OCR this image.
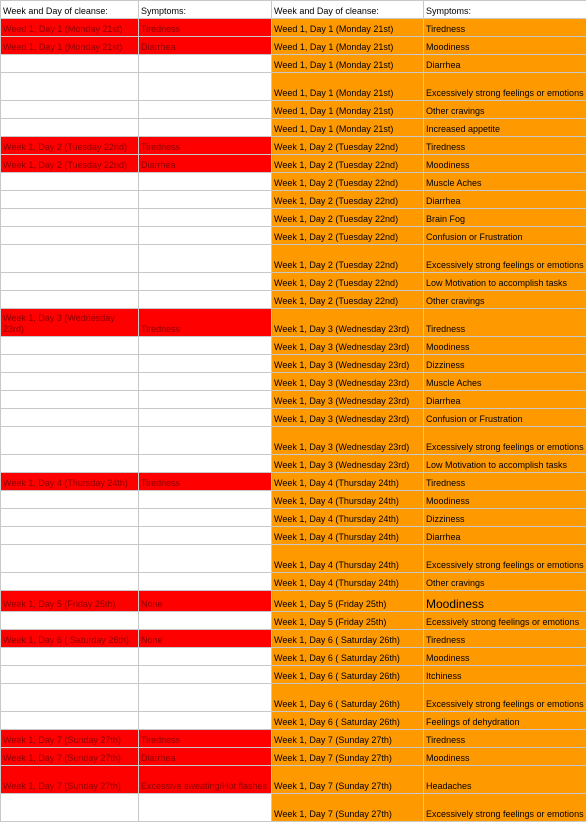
Week and Day of cleanse:	Symptoms:	Week and Day of cleanse:	Symptoms:
Weed 1, Day 1 (Monday 21st)	Tiredness	Weed 1, Day 1 (Monday 21st)	Tiredness
Weed 1, Day 1 (Monday 21st)	Diarrhea	Weed 1, Day 1 (Monday 21st)	Moodiness
		Weed 1, Day 1 (Monday 21st)	Diarrhea
		Weed 1, Day 1 (Monday 21st)	Excessively strong feelings or emotions
		Weed 1, Day 1 (Monday 21st)	Other cravings
		Weed 1, Day 1 (Monday 21st)	Increased appetite
Week 1, Day 2 (Tuesday 22nd)	Tiredness	Week 1, Day 2 (Tuesday 22nd)	Tiredness
Week 1, Day 2 (Tuesday 22nd)	Diarrhea	Week 1, Day 2 (Tuesday 22nd)	Moodiness
		Week 1, Day 2 (Tuesday 22nd)	Muscle Aches
		Week 1, Day 2 (Tuesday 22nd)	Diarrhea
		Week 1, Day 2 (Tuesday 22nd)	Brain Fog
		Week 1, Day 2 (Tuesday 22nd)	Confusion or Frustration
		Week 1, Day 2 (Tuesday 22nd)	Excessively strong feelings or emotions
		Week 1, Day 2 (Tuesday 22nd)	Low Motivation to accomplish tasks
		Week 1, Day 2 (Tuesday 22nd)	Other cravings
Week 1, Day 3 (Wednesday 23rd)	Tiredness	Week 1, Day 3 (Wednesday 23rd)	Tiredness
		Week 1, Day 3 (Wednesday 23rd)	Moodiness
		Week 1, Day 3 (Wednesday 23rd)	Dizziness
		Week 1, Day 3 (Wednesday 23rd)	Muscle Aches
		Week 1, Day 3 (Wednesday 23rd)	Diarrhea
		Week 1, Day 3 (Wednesday 23rd)	Confusion or Frustration
		Week 1, Day 3 (Wednesday 23rd)	Excessively strong feelings or emotions
		Week 1, Day 3 (Wednesday 23rd)	Low Motivation to accomplish tasks
Week 1, Day 4 (Thursday 24th)	Tiredness	Week 1, Day 4 (Thursday 24th)	Tiredness
		Week 1, Day 4 (Thursday 24th)	Moodiness
		Week 1, Day 4 (Thursday 24th)	Dizziness
		Week 1, Day 4 (Thursday 24th)	Diarrhea
		Week 1, Day 4 (Thursday 24th)	Excessively strong feelings or emotions
		Week 1, Day 4 (Thursday 24th)	Other cravings
Week 1, Day 5 (Friday 25th)	None	Week 1, Day 5 (Friday 25th)	Moodiness
		Week 1, Day 5 (Friday 25th)	Ecessively strong feelings or emotions
Week 1, Day 6 ( Saturday 26th)	None	Week 1, Day 6 ( Saturday 26th)	Tiredness
		Week 1, Day 6 ( Saturday 26th)	Moodiness
		Week 1, Day 6 ( Saturday 26th)	Itchiness
		Week 1, Day 6 ( Saturday 26th)	Excessively strong feelings or emotions
		Week 1, Day 6 ( Saturday 26th)	Feelings of dehydration
Week 1, Day 7 (Sunday 27th)	Tiredness	Week 1, Day 7 (Sunday 27th)	Tiredness
Week 1, Day 7 (Sunday 27th)	Diarrhea	Week 1, Day 7 (Sunday 27th)	Moodiness
Week 1, Day 7 (Sunday 27th)	Excessive sweating/Hot flashes	Week 1, Day 7 (Sunday 27th)	Headaches
		Week 1, Day 7 (Sunday 27th)	Excessively strong feelings or emotions
